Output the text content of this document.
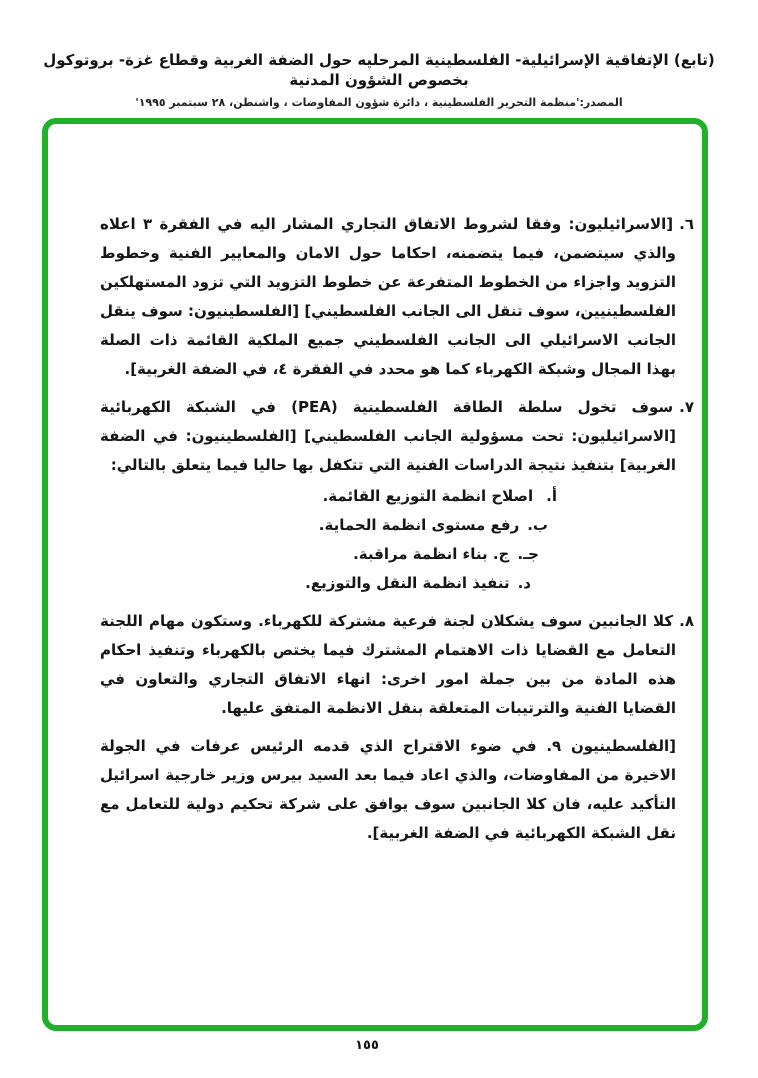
(تابع) الإتفاقية الإسرائيلية- الفلسطينية المرحليه حول الضفة الغربية وقطاع غزة- بروتوكول بخصوص الشؤون المدنية
المصدر:'منظمة التحرير الفلسطينية ، دائرة شؤون المفاوضات ، واشنطن، ٢٨ سبتمبر ١٩٩٥'

٦.[الاسرائيليون: وفقا لشروط الاتفاق التجاري المشار اليه في الفقرة ٣ اعلاه والذي سيتضمن، فيما يتضمنه، احكاما حول الامان والمعايير الفنية وخطوط التزويد واجزاء من الخطوط المتفرعة عن خطوط التزويد التي تزود المستهلكين الفلسطينيين، سوف تنقل الى الجانب الفلسطيني] [الفلسطينيون: سوف ينقل الجانب الاسرائيلي الى الجانب الفلسطيني جميع الملكية القائمة ذات الصلة بهذا المجال وشبكة الكهرباء كما هو محدد في الفقرة ٤، في الضفة الغربية].

٧.سوف تخول سلطة الطاقة الفلسطينية (PEA) في الشبكة الكهربائية [الاسرائيليون: تحت مسؤولية الجانب الفلسطيني] [الفلسطينيون: في الضفة الغربية] بتنفيذ نتيجة الدراسات الفنية التي تتكفل بها حاليا فيما يتعلق بالتالي:

أ.اصلاح انظمة التوزيع القائمة.
ب.رفع مستوى انظمة الحماية.
جـ.ج. بناء انظمة مراقبة.
د.تنفيذ انظمة النقل والتوزيع.

٨.كلا الجانبين سوف يشكلان لجنة فرعية مشتركة للكهرباء. وستكون مهام اللجنة التعامل مع القضايا ذات الاهتمام المشترك فيما يختص بالكهرباء وتنفيذ احكام هذه المادة من بين جملة امور اخرى: انهاء الاتفاق التجاري والتعاون في القضايا الفنية والترتيبات المتعلقة بنقل الانظمة المتفق عليها.

[الفلسطينيون ٩. في ضوء الاقتراح الذي قدمه الرئيس عرفات في الجولة الاخيرة من المفاوضات، والذي اعاد فيما بعد السيد بيرس وزير خارجية اسرائيل التأكيد عليه، فان كلا الجانبين سوف يوافق على شركة تحكيم دولية للتعامل مع نقل الشبكة الكهربائية في الضفة الغربية].

١٥٥
